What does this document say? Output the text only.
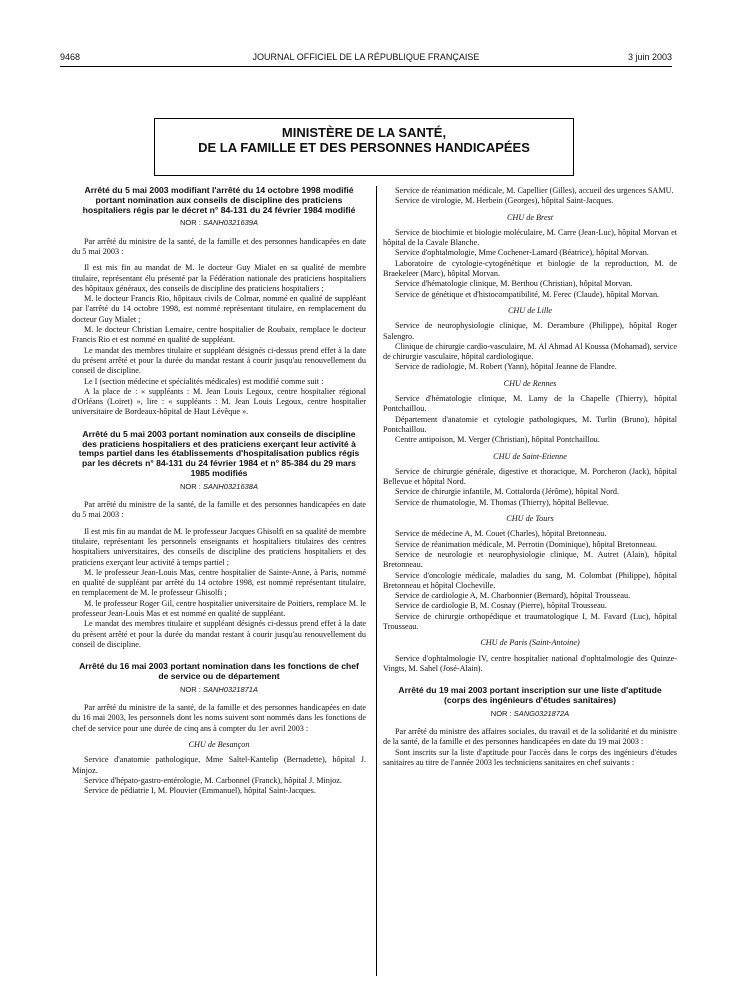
9468	JOURNAL OFFICIEL DE LA RÉPUBLIQUE FRANÇAISE	3 juin 2003
MINISTÈRE DE LA SANTÉ,
DE LA FAMILLE ET DES PERSONNES HANDICAPÉES
Arrêté du 5 mai 2003 modifiant l'arrêté du 14 octobre 1998 modifié portant nomination aux conseils de discipline des praticiens hospitaliers régis par le décret n° 84-131 du 24 février 1984 modifié
NOR : SANH0321639A

Par arrêté du ministre de la santé, de la famille et des personnes handicapées en date du 5 mai 2003 :

Il est mis fin au mandat de M. le docteur Guy Mialet en sa qualité de membre titulaire, représentant élu présenté par la Fédération nationale des praticiens hospitaliers des hôpitaux généraux, des conseils de discipline des praticiens hospitaliers ;

M. le docteur Francis Rio, hôpitaux civils de Colmar, nommé en qualité de suppléant par l'arrêté du 14 octobre 1998, est nommé représentant titulaire, en remplacement du docteur Guy Mialet ;

M. le docteur Christian Lemaire, centre hospitalier de Roubaix, remplace le docteur Francis Rio et est nommé en qualité de suppléant.

Le mandat des membres titulaire et suppléant désignés ci-dessus prend effet à la date du présent arrêté et pour la durée du mandat restant à courir jusqu'au renouvellement du conseil de discipline.

Le I (section médecine et spécialités médicales) est modifié comme suit :

A la place de : « suppléants : M. Jean Louis Legoux, centre hospitalier régional d'Orléans (Loiret) », lire : « suppléants : M. Jean Louis Legoux, centre hospitalier universitaire de Bordeaux-hôpital de Haut Lévêque ».

Arrêté du 5 mai 2003 portant nomination aux conseils de discipline des praticiens hospitaliers et des praticiens exerçant leur activité à temps partiel dans les établissements d'hospitalisation publics régis par les décrets n° 84-131 du 24 février 1984 et n° 85-384 du 29 mars 1985 modifiés
NOR : SANH0321638A

Par arrêté du ministre de la santé, de la famille et des personnes handicapées en date du 5 mai 2003 :

Il est mis fin au mandat de M. le professeur Jacques Ghisolfi en sa qualité de membre titulaire, représentant les personnels enseignants et hospitaliers titulaires des centres hospitaliers universitaires, des conseils de discipline des praticiens hospitaliers et des praticiens exerçant leur activité à temps partiel ;

M. le professeur Jean-Louis Mas, centre hospitalier de Sainte-Anne, à Paris, nommé en qualité de suppléant par arrêté du 14 octobre 1998, est nommé représentant titulaire, en remplacement de M. le professeur Ghisolfi ;

M. le professeur Roger Gil, centre hospitalier universitaire de Poitiers, remplace M. le professeur Jean-Louis Mas et est nommé en qualité de suppléant.

Le mandat des membres titulaire et suppléant désignés ci-dessus prend effet à la date du présent arrêté et pour la durée du mandat restant à courir jusqu'au renouvellement du conseil de discipline.

Arrêté du 16 mai 2003 portant nomination dans les fonctions de chef de service ou de département
NOR : SANH0321871A

Par arrêté du ministre de la santé, de la famille et des personnes handicapées en date du 16 mai 2003, les personnels dont les noms suivent sont nommés dans les fonctions de chef de service pour une durée de cinq ans à compter du 1er avril 2003 :

CHU de Besançon

Service d'anatomie pathologique, Mme Saltel-Kantelip (Bernadette), hôpital J. Minjoz.

Service d'hépato-gastro-entérologie, M. Carbonnel (Franck), hôpital J. Minjoz.

Service de pédiatrie I, M. Plouvier (Emmanuel), hôpital Saint-Jacques.

Service de réanimation médicale, M. Capellier (Gilles), accueil des urgences SAMU.

Service de virologie, M. Herbein (Georges), hôpital Saint-Jacques.

CHU de Brest

Service de biochimie et biologie moléculaire, M. Carre (Jean-Luc), hôpital Morvan et hôpital de la Cavale Blanche.

Service d'ophtalmologie, Mme Cochener-Lamard (Béatrice), hôpital Morvan.

Laboratoire de cytologie-cytogénétique et biologie de la reproduction, M. de Braekeleer (Marc), hôpital Morvan.

Service d'hématologie clinique, M. Berthou (Christian), hôpital Morvan.

Service de génétique et d'histocompatibilité, M. Ferec (Claude), hôpital Morvan.

CHU de Lille

Service de neurophysiologie clinique, M. Derambure (Philippe), hôpital Roger Salengro.

Clinique de chirurgie cardio-vasculaire, M. Al Ahmad Al Koussa (Mohamad), service de chirurgie vasculaire, hôpital cardiologique.

Service de radiologie, M. Robert (Yann), hôpital Jeanne de Flandre.

CHU de Rennes

Service d'hématologie clinique, M. Lamy de la Chapelle (Thierry), hôpital Pontchaillou.

Département d'anatomie et cytologie pathologiques, M. Turlin (Bruno), hôpital Pontchaillou.

Centre antipoison, M. Verger (Christian), hôpital Pontchaillou.

CHU de Saint-Etienne

Service de chirurgie générale, digestive et thoracique, M. Porcheron (Jack), hôpital Bellevue et hôpital Nord.

Service de chirurgie infantile, M. Cottalorda (Jérôme), hôpital Nord.

Service de rhumatologie, M. Thomas (Thierry), hôpital Bellevue.

CHU de Tours

Service de médecine A, M. Couet (Charles), hôpital Bretonneau.

Service de réanimation médicale, M. Perrotin (Dominique), hôpital Bretonneau.

Service de neurologie et neurophysiologie clinique, M. Autret (Alain), hôpital Bretonneau.

Service d'oncologie médicale, maladies du sang, M. Colombat (Philippe), hôpital Bretonneau et hôpital Clocheville.

Service de cardiologie A, M. Charbonnier (Bernard), hôpital Trousseau.

Service de cardiologie B, M. Cosnay (Pierre), hôpital Trousseau.

Service de chirurgie orthopédique et traumatologique I, M. Favard (Luc), hôpital Trousseau.

CHU de Paris (Saint-Antoine)

Service d'ophtalmologie IV, centre hospitalier national d'ophtalmologie des Quinze-Vingts, M. Sahel (José-Alain).

Arrêté du 19 mai 2003 portant inscription sur une liste d'aptitude (corps des ingénieurs d'études sanitaires)
NOR : SANG0321872A

Par arrêté du ministre des affaires sociales, du travail et de la solidarité et du ministre de la santé, de la famille et des personnes handicapées en date du 19 mai 2003 :

Sont inscrits sur la liste d'aptitude pour l'accès dans le corps des ingénieurs d'études sanitaires au titre de l'année 2003 les techniciens sanitaires en chef suivants :
